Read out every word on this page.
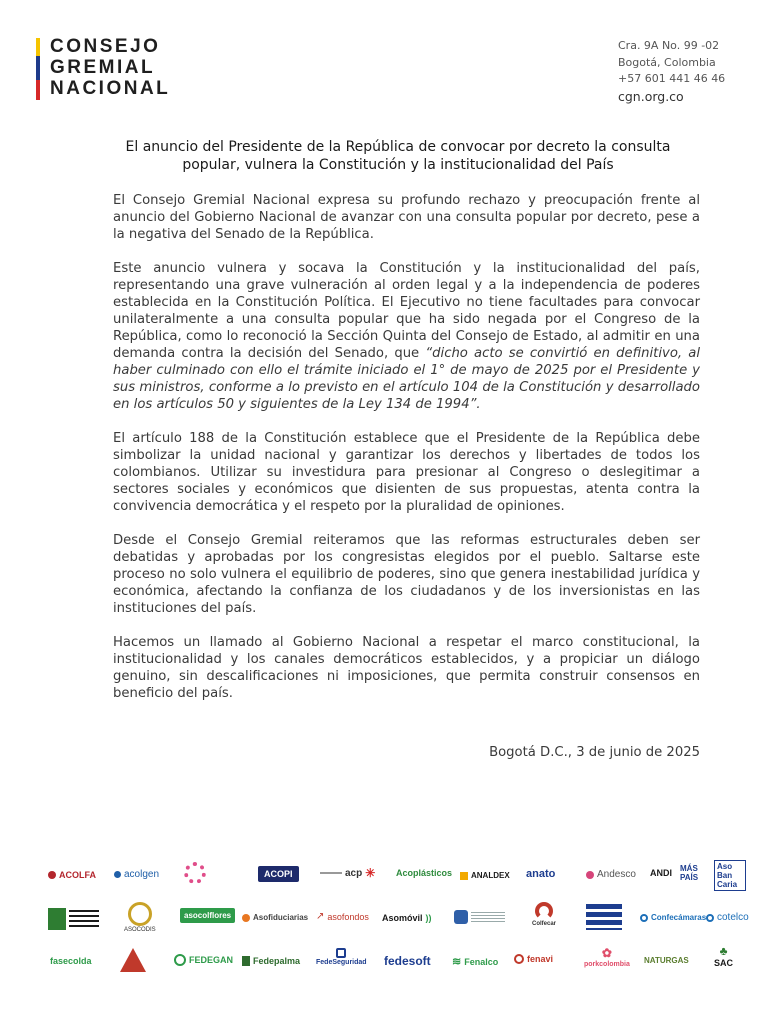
CONSEJO
GREMIAL
NACIONAL
Cra. 9A No. 99 -02
Bogotá, Colombia
+57 601 441 46 46
cgn.org.co
El anuncio del Presidente de la República de convocar por decreto la consulta
popular, vulnera la Constitución y la institucionalidad del País

El Consejo Gremial Nacional expresa su profundo rechazo y preocupación frente al anuncio del Gobierno Nacional de avanzar con una consulta popular por decreto, pese a la negativa del Senado de la República.

Este anuncio vulnera y socava la Constitución y la institucionalidad del país, representando una grave vulneración al orden legal y a la independencia de poderes establecida en la Constitución Política. El Ejecutivo no tiene facultades para convocar unilateralmente a una consulta popular que ha sido negada por el Congreso de la República, como lo reconoció la Sección Quinta del Consejo de Estado, al admitir en una demanda contra la decisión del Senado, que “dicho acto se convirtió en definitivo, al haber culminado con ello el trámite iniciado el 1° de mayo de 2025 por el Presidente y sus ministros, conforme a lo previsto en el artículo 104 de la Constitución y desarrollado en los artículos 50 y siguientes de la Ley 134 de 1994”.

El artículo 188 de la Constitución establece que el Presidente de la República debe simbolizar la unidad nacional y garantizar los derechos y libertades de todos los colombianos. Utilizar su investidura para presionar al Congreso o deslegitimar a sectores sociales y económicos que disienten de sus propuestas, atenta contra la convivencia democrática y el respeto por la pluralidad de opiniones.

Desde el Consejo Gremial reiteramos que las reformas estructurales deben ser debatidas y aprobadas por los congresistas elegidos por el pueblo. Saltarse este proceso no solo vulnera el equilibrio de poderes, sino que genera inestabilidad jurídica y económica, afectando la confianza de los ciudadanos y de los inversionistas en las instituciones del país.

Hacemos un llamado al Gobierno Nacional a respetar el marco constitucional, la institucionalidad y los canales democráticos establecidos, y a propiciar un diálogo genuino, sin descalificaciones ni imposiciones, que permita construir consensos en beneficio del país.

Bogotá D.C., 3 de junio de 2025
ACOLFA	acolgen	ACOPI	acp ✳ Acoplásticos ANALDEX anato	Andesco ANDI MÁS PAÍS
Aso Ban Caria
ASOCODIS
asocolflores	Asofiduciarias ↗ asofondos Asomóvil ))
Colfecar
Confecámaras cotelco
fasecolda	FEDEGAN Fedepalma FedeSeguridad fedesoft ≋ Fenalco	fenavi	✿
porkcolombia NATURGAS
♣
SAC
